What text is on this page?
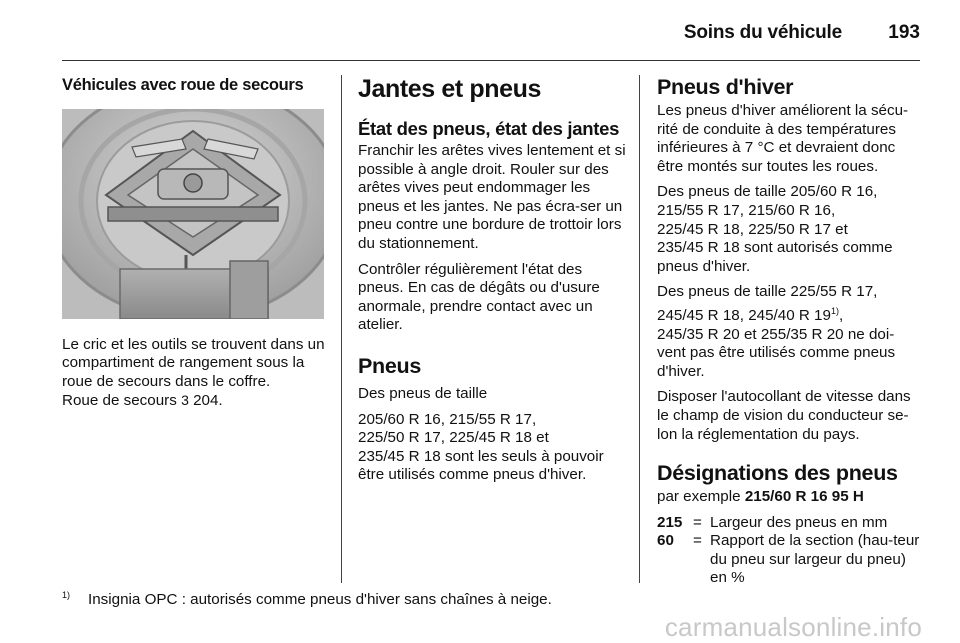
Soins du véhicule 193
Véhicules avec roue de secours

Le cric et les outils se trouvent dans un compartiment de rangement sous la roue de secours dans le coffre.

Roue de secours 3 204.

Jantes et pneus
État des pneus, état des jantes

Franchir les arêtes vives lentement et si possible à angle droit. Rouler sur des arêtes vives peut endommager les pneus et les jantes. Ne pas écra-ser un pneu contre une bordure de trottoir lors du stationnement.

Contrôler régulièrement l'état des pneus. En cas de dégâts ou d'usure anormale, prendre contact avec un atelier.

Pneus

Des pneus de taille

205/60 R 16, 215/55 R 17,
225/50 R 17, 225/45 R 18 et
235/45 R 18 sont les seuls à pouvoir être utilisés comme pneus d'hiver.

Pneus d'hiver

Les pneus d'hiver améliorent la sécu-rité de conduite à des températures inférieures à 7 °C et devraient donc être montés sur toutes les roues.

Des pneus de taille 205/60 R 16,
215/55 R 17, 215/60 R 16,
225/45 R 18, 225/50 R 17 et
235/45 R 18 sont autorisés comme pneus d'hiver.

Des pneus de taille 225/55 R 17,
245/45 R 18, 245/40 R 19$^{1)}$,
245/35 R 20 et 255/35 R 20 ne doi-vent pas être utilisés comme pneus d'hiver.

Disposer l'autocollant de vitesse dans le champ de vision du conducteur se-lon la réglementation du pays.

Désignations des pneus

par exemple 215/60 R 16 95 H

215 = Largeur des pneus en mm
60	= Rapport de la section (hau-teur du pneu sur largeur du pneu) en %
$^{1)}$ Insignia OPC : autorisés comme pneus d'hiver sans chaînes à neige.
carmanualsonline.info
